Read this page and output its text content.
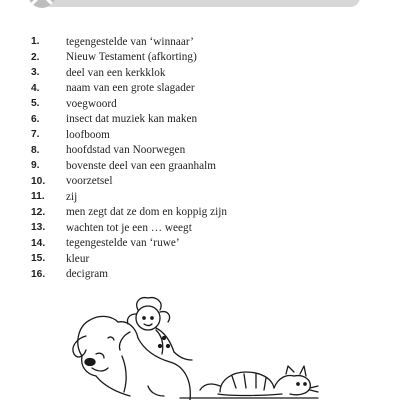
1.	tegengestelde van ‘winnaar’
2.	Nieuw Testament (afkorting)
3.	deel van een kerkklok
4.	naam van een grote slagader
5.	voegwoord
6.	insect dat muziek kan maken
7.	loofboom
8.	hoofdstad van Noorwegen
9.	bovenste deel van een graanhalm
10.	voorzetsel
11.	zij
12.	men zegt dat ze dom en koppig zijn
13.	wachten tot je een … weegt
14.	tegengestelde van ‘ruwe’
15.	kleur
16.	decigram
